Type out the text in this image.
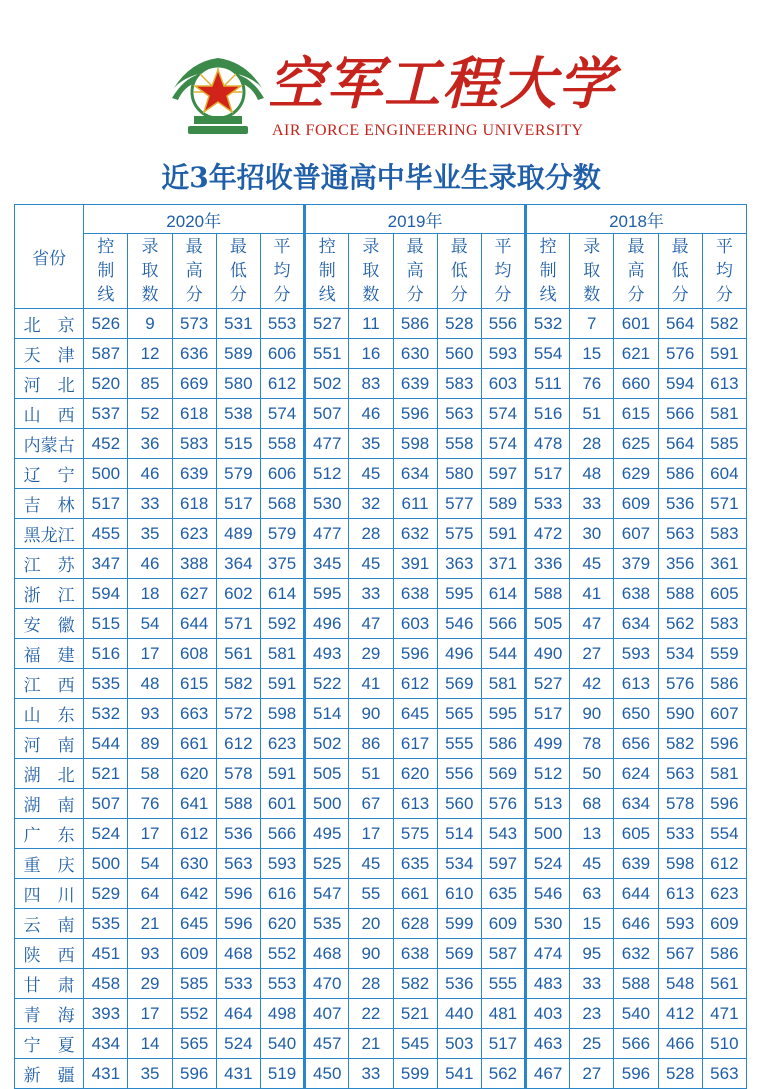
空军工程大学
AIR FORCE ENGINEERING UNIVERSITY
近3年招收普通高中毕业生录取分数
省份	2020年					2019年					2018年				

	控
制
线	录
取
数	最
高
分	最
低
分	平
均
分	控
制
线	录
取
数	最
高
分	最
低
分	平
均
分	控
制
线	录
取
数	最
高
分	最
低
分	平
均
分

北　京	526	9	573	531	553	527	11	586	528	556	532	7	601	564	582
天　津	587	12	636	589	606	551	16	630	560	593	554	15	621	576	591
河　北	520	85	669	580	612	502	83	639	583	603	511	76	660	594	613
山　西	537	52	618	538	574	507	46	596	563	574	516	51	615	566	581
内蒙古	452	36	583	515	558	477	35	598	558	574	478	28	625	564	585
辽　宁	500	46	639	579	606	512	45	634	580	597	517	48	629	586	604
吉　林	517	33	618	517	568	530	32	611	577	589	533	33	609	536	571
黑龙江	455	35	623	489	579	477	28	632	575	591	472	30	607	563	583
江　苏	347	46	388	364	375	345	45	391	363	371	336	45	379	356	361
浙　江	594	18	627	602	614	595	33	638	595	614	588	41	638	588	605
安　徽	515	54	644	571	592	496	47	603	546	566	505	47	634	562	583
福　建	516	17	608	561	581	493	29	596	496	544	490	27	593	534	559
江　西	535	48	615	582	591	522	41	612	569	581	527	42	613	576	586
山　东	532	93	663	572	598	514	90	645	565	595	517	90	650	590	607
河　南	544	89	661	612	623	502	86	617	555	586	499	78	656	582	596
湖　北	521	58	620	578	591	505	51	620	556	569	512	50	624	563	581
湖　南	507	76	641	588	601	500	67	613	560	576	513	68	634	578	596
广　东	524	17	612	536	566	495	17	575	514	543	500	13	605	533	554
重　庆	500	54	630	563	593	525	45	635	534	597	524	45	639	598	612
四　川	529	64	642	596	616	547	55	661	610	635	546	63	644	613	623
云　南	535	21	645	596	620	535	20	628	599	609	530	15	646	593	609
陕　西	451	93	609	468	552	468	90	638	569	587	474	95	632	567	586
甘　肃	458	29	585	533	553	470	28	582	536	555	483	33	588	548	561
青　海	393	17	552	464	498	407	22	521	440	481	403	23	540	412	471
宁　夏	434	14	565	524	540	457	21	545	503	517	463	25	566	466	510
新　疆	431	35	596	431	519	450	33	599	541	562	467	27	596	528	563
